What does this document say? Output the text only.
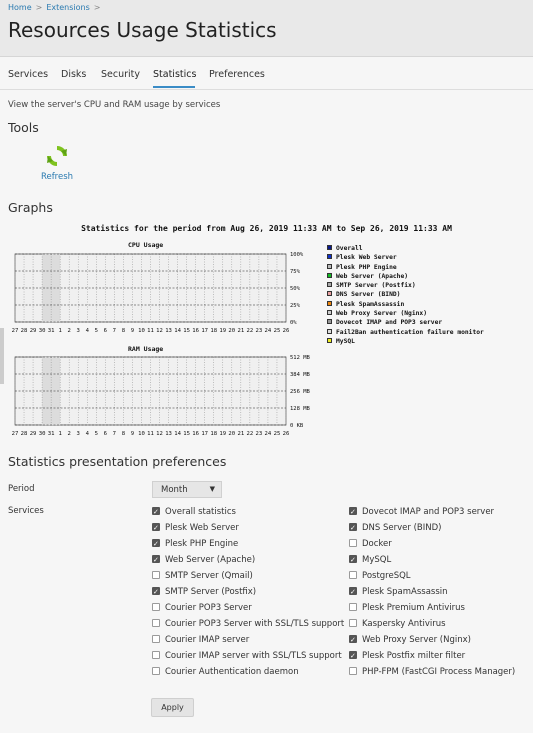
Home > Extensions >
Resources Usage Statistics
Services Disks Security Statistics Preferences
View the server's CPU and RAM usage by services
Tools
Refresh
Graphs
Statistics for the period from Aug 26, 2019 11:33 AM to Sep 26, 2019 11:33 AM
CPU Usage
RAM Usage
100%
75%
50%
25%
0%
27 28 29 30 31 1 2 3 4 5 6 7 8 9 10 11 12 13 14 15 16 17 18 19 20 21 22 23 24 25 26
512 MB
384 MB
256 MB
128 MB
0 KB
27 28 29 30 31 1 2 3 4 5 6 7 8 9 10 11 12 13 14 15 16 17 18 19 20 21 22 23 24 25 26
Overall
Plesk Web Server
Plesk PHP Engine
Web Server (Apache)
SMTP Server (Postfix)
DNS Server (BIND)
Plesk SpamAssassin
Web Proxy Server (Nginx)
Dovecot IMAP and POP3 server
Fail2Ban authentication failure monitor
MySQL
Statistics presentation preferences
Period	Month	▼
Services ✓	Overall statistics
✓Plesk Web Server
✓Plesk PHP Engine
✓Web Server (Apache)
SMTP Server (Qmail)
✓SMTP Server (Postfix)
Courier POP3 Server
Courier POP3 Server with SSL/TLS support
Courier IMAP server
Courier IMAP server with SSL/TLS support
Courier Authentication daemon
✓Dovecot IMAP and POP3 server
✓DNS Server (BIND)
Docker
✓MySQL
PostgreSQL
✓Plesk SpamAssassin
Plesk Premium Antivirus
Kaspersky Antivirus
✓Web Proxy Server (Nginx)
✓Plesk Postfix milter filter
PHP-FPM (FastCGI Process Manager)
Apply
